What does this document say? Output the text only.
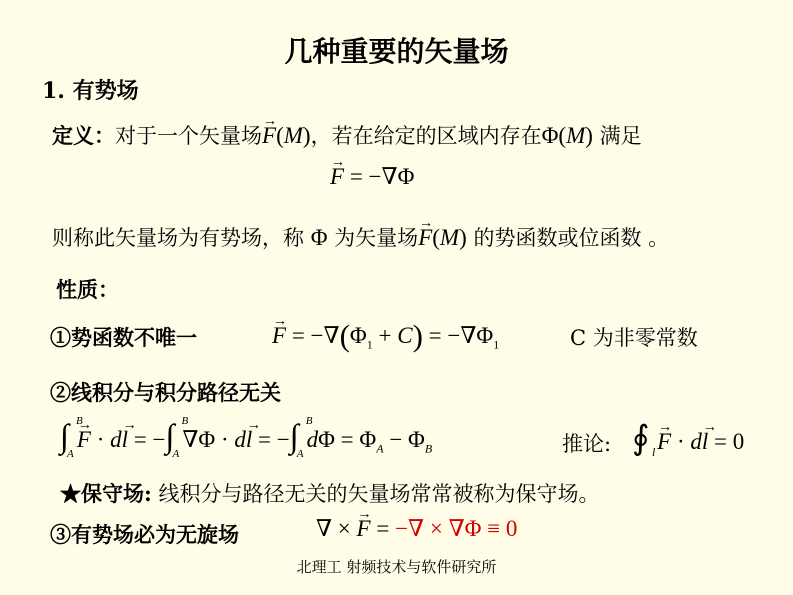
几种重要的矢量场
1. 有势场
定义：对于一个矢量场→ F(M)，若在给定的区域内存在Φ(M) 满足
→ F = −∇Φ
则称此矢量场为有势场，称 Φ 为矢量场→ F(M) 的势函数或位函数 。
性质：
①势函数不唯一	→ $F = -\nabla(\Phi_1 + C) = -\nabla\Phi_1$	C 为非零常数
②线积分与积分路径无关
∫ B
A
→ F · d→ l = −∫ B
A
∇Φ · d→ l = −∫ B
A
$d\Phi = \Phi_A - \Phi_B$	推论: ∮ l → F · d→ l = 0
★保守场: 线积分与路径无关的矢量场常常被称为保守场。
③有势场必为无旋场	∇ × → F = −∇ × ∇Φ ≡ 0
北理工 射频技术与软件研究所
